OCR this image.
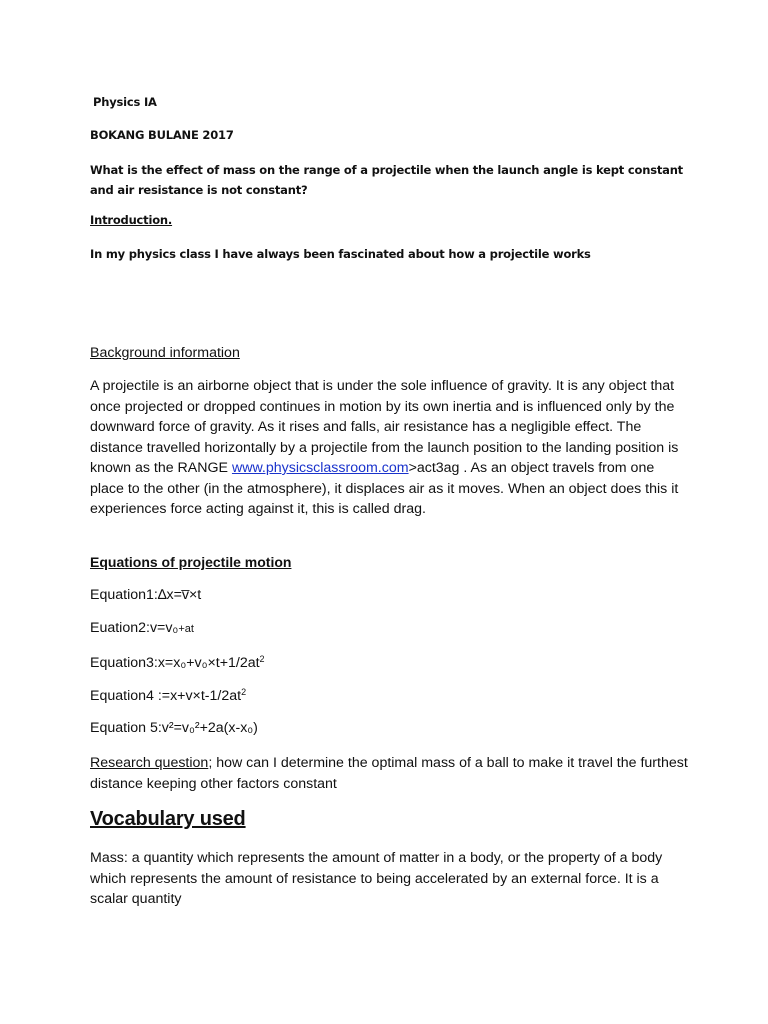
Physics IA

BOKANG BULANE 2017

What is the effect of mass on the range of a projectile when the launch angle is kept constant and air resistance is not constant?

Introduction.

In my physics class I have always been fascinated about how a projectile works

Background information

A projectile is an airborne object that is under the sole influence of gravity. It is any object that once projected or dropped continues in motion by its own inertia and is influenced only by the downward force of gravity. As it rises and falls, air resistance has a negligible effect. The distance travelled horizontally by a projectile from the launch position to the landing position is known as the RANGE www.physicsclassroom.com>act3ag . As an object travels from one place to the other (in the atmosphere), it displaces air as it moves. When an object does this it experiences force acting against it, this is called drag.

Equations of projectile motion

Equation1:∆x=v̅×t

Euation2:v=v₀+at

$Equation3:x=x_0+v_0\times t+1/2at^2$

Equation4 $:=x+v\times t-1/2at^2$

Equation 5:v²=v₀²+2a(x-x₀)

Research question; how can I determine the optimal mass of a ball to make it travel the furthest distance keeping other factors constant

Vocabulary used

Mass: a quantity which represents the amount of matter in a body, or the property of a body which represents the amount of resistance to being accelerated by an external force. It is a scalar quantity
